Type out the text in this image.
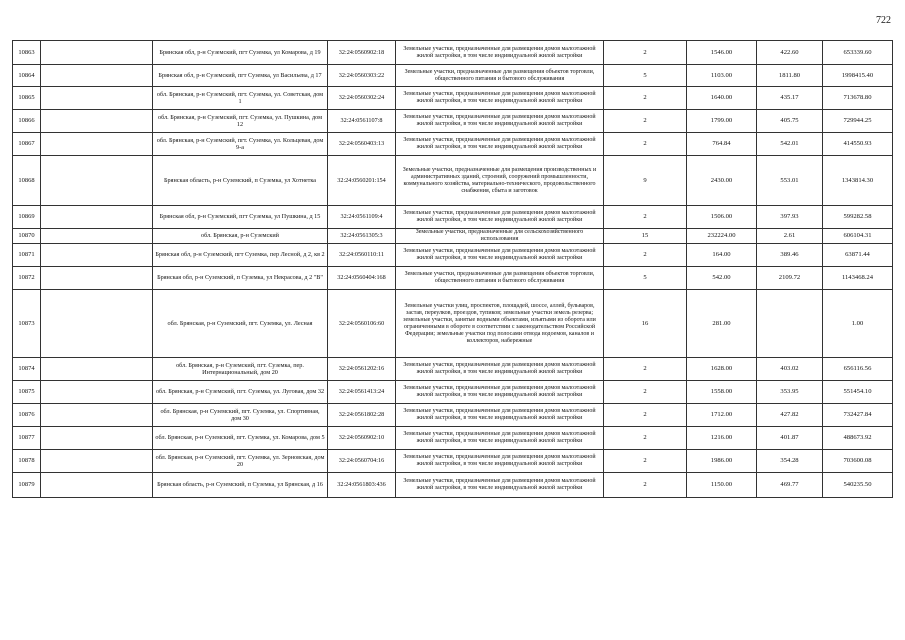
722
10863		Брянская обл, р-н Суземский, пгт Суземка, ул Комарова, д 19	32:24:0560902:18	Земельные участки, предназначенные для размещения домов малоэтажной жилой застройки, в том числе индивидуальной жилой застройки	2	1546.00	422.60	653339.60
10864		Брянская обл, р-н Суземский, пгт Суземка, ул Васильева, д 17	32:24:0560303:22	Земельные участки, предназначенные для размещения объектов торговли, общественного питания и бытового обслуживания	5	1103.00	1811.80	1998415.40
10865		обл. Брянская, р-н Суземский, пгт. Суземка, ул. Советская, дом 1	32:24:0560302:24	Земельные участки, предназначенные для размещения домов малоэтажной жилой застройки, в том числе индивидуальной жилой застройки	2	1640.00	435.17	713678.80
10866		обл. Брянская, р-н Суземский, пгт. Суземка, ул. Пушкина, дом 12	32:24:0561107:8	Земельные участки, предназначенные для размещения домов малоэтажной жилой застройки, в том числе индивидуальной жилой застройки	2	1799.00	405.75	729944.25
10867		обл. Брянская, р-н Суземский, пгт. Суземка, ул. Кольцевая, дом 9-а	32:24:0560403:13	Земельные участки, предназначенные для размещения домов малоэтажной жилой застройки, в том числе индивидуальной жилой застройки	2	764.84	542.01	414550.93
10868		Брянская область, р-н Суземский, п Суземка, ул Хотнетка	32:24:0560201:154	Земельные участки, предназначенные для размещения производственных и административных зданий, строений, сооружений промышленности, коммунального хозяйства, материально-технического, продовольственного снабжения, сбыта и заготовок	9	2430.00	553.01	1343814.30
10869		Брянская обл, р-н Суземский, пгт Суземка, ул Пушкина, д 15	32:24:0561109:4	Земельные участки, предназначенные для размещения домов малоэтажной жилой застройки, в том числе индивидуальной жилой застройки	2	1506.00	397.93	599282.58
10870		обл. Брянская, р-н Суземский	32:24:0561305:3	Земельные участки, предназначенные для сельскохозяйственного использования	15	232224.00	2.61	606104.31
10871		Брянская обл, р-н Суземский, пгт Суземка, пер Лесной, д 2, кв 2	32:24:0560110:11	Земельные участки, предназначенные для размещения домов малоэтажной жилой застройки, в том числе индивидуальной жилой застройки	2	164.00	389.46	63871.44
10872		Брянская обл, р-н Суземский, п Суземка, ул Некрасова, д 2 "В"	32:24:0560404:168	Земельные участки, предназначенные для размещения объектов торговли, общественного питания и бытового обслуживания	5	542.00	2109.72	1143468.24
10873		обл. Брянская, р-н Суземский, пгт. Суземка, ул. Лесная	32:24:0560106:60	Земельные участки улиц, проспектов, площадей, шоссе, аллей, бульваров, застав, переулков, проездов, тупиков; земельные участки земель резерва; земельные участки, занятые водными объектами, изъятыми из оборота или ограниченными в обороте в соответствии с законодательством Российской Федерации; земельные участки под полосами отвода водоемов, каналов и коллекторов, набережные	16	281.00		1.00
10874		обл. Брянская, р-н Суземский, пгт. Суземка, пер. Интернациональный, дом 20	32:24:0561202:16	Земельные участки, предназначенные для размещения домов малоэтажной жилой застройки, в том числе индивидуальной жилой застройки	2	1628.00	403.02	656116.56
10875		обл. Брянская, р-н Суземский, пгт. Суземка, ул. Луговая, дом 32	32:24:0561413:24	Земельные участки, предназначенные для размещения домов малоэтажной жилой застройки, в том числе индивидуальной жилой застройки	2	1558.00	353.95	551454.10
10876		обл. Брянская, р-н Суземский, пгт. Суземка, ул. Спортивная, дом 30	32:24:0561802:28	Земельные участки, предназначенные для размещения домов малоэтажной жилой застройки, в том числе индивидуальной жилой застройки	2	1712.00	427.82	732427.84
10877		обл. Брянская, р-н Суземский, пгт. Суземка, ул. Комарова, дом 5	32:24:0560902:10	Земельные участки, предназначенные для размещения домов малоэтажной жилой застройки, в том числе индивидуальной жилой застройки	2	1216.00	401.87	488673.92
10878		обл. Брянская, р-н Суземский, пгт. Суземка, ул. Зерновская, дом 20	32:24:0560704:16	Земельные участки, предназначенные для размещения домов малоэтажной жилой застройки, в том числе индивидуальной жилой застройки	2	1986.00	354.28	703600.08
10879		Брянская область, р-н Суземский, п Суземка, ул Брянская, д 16	32:24:0561803:436	Земельные участки, предназначенные для размещения домов малоэтажной жилой застройки, в том числе индивидуальной жилой застройки	2	1150.00	469.77	540235.50
